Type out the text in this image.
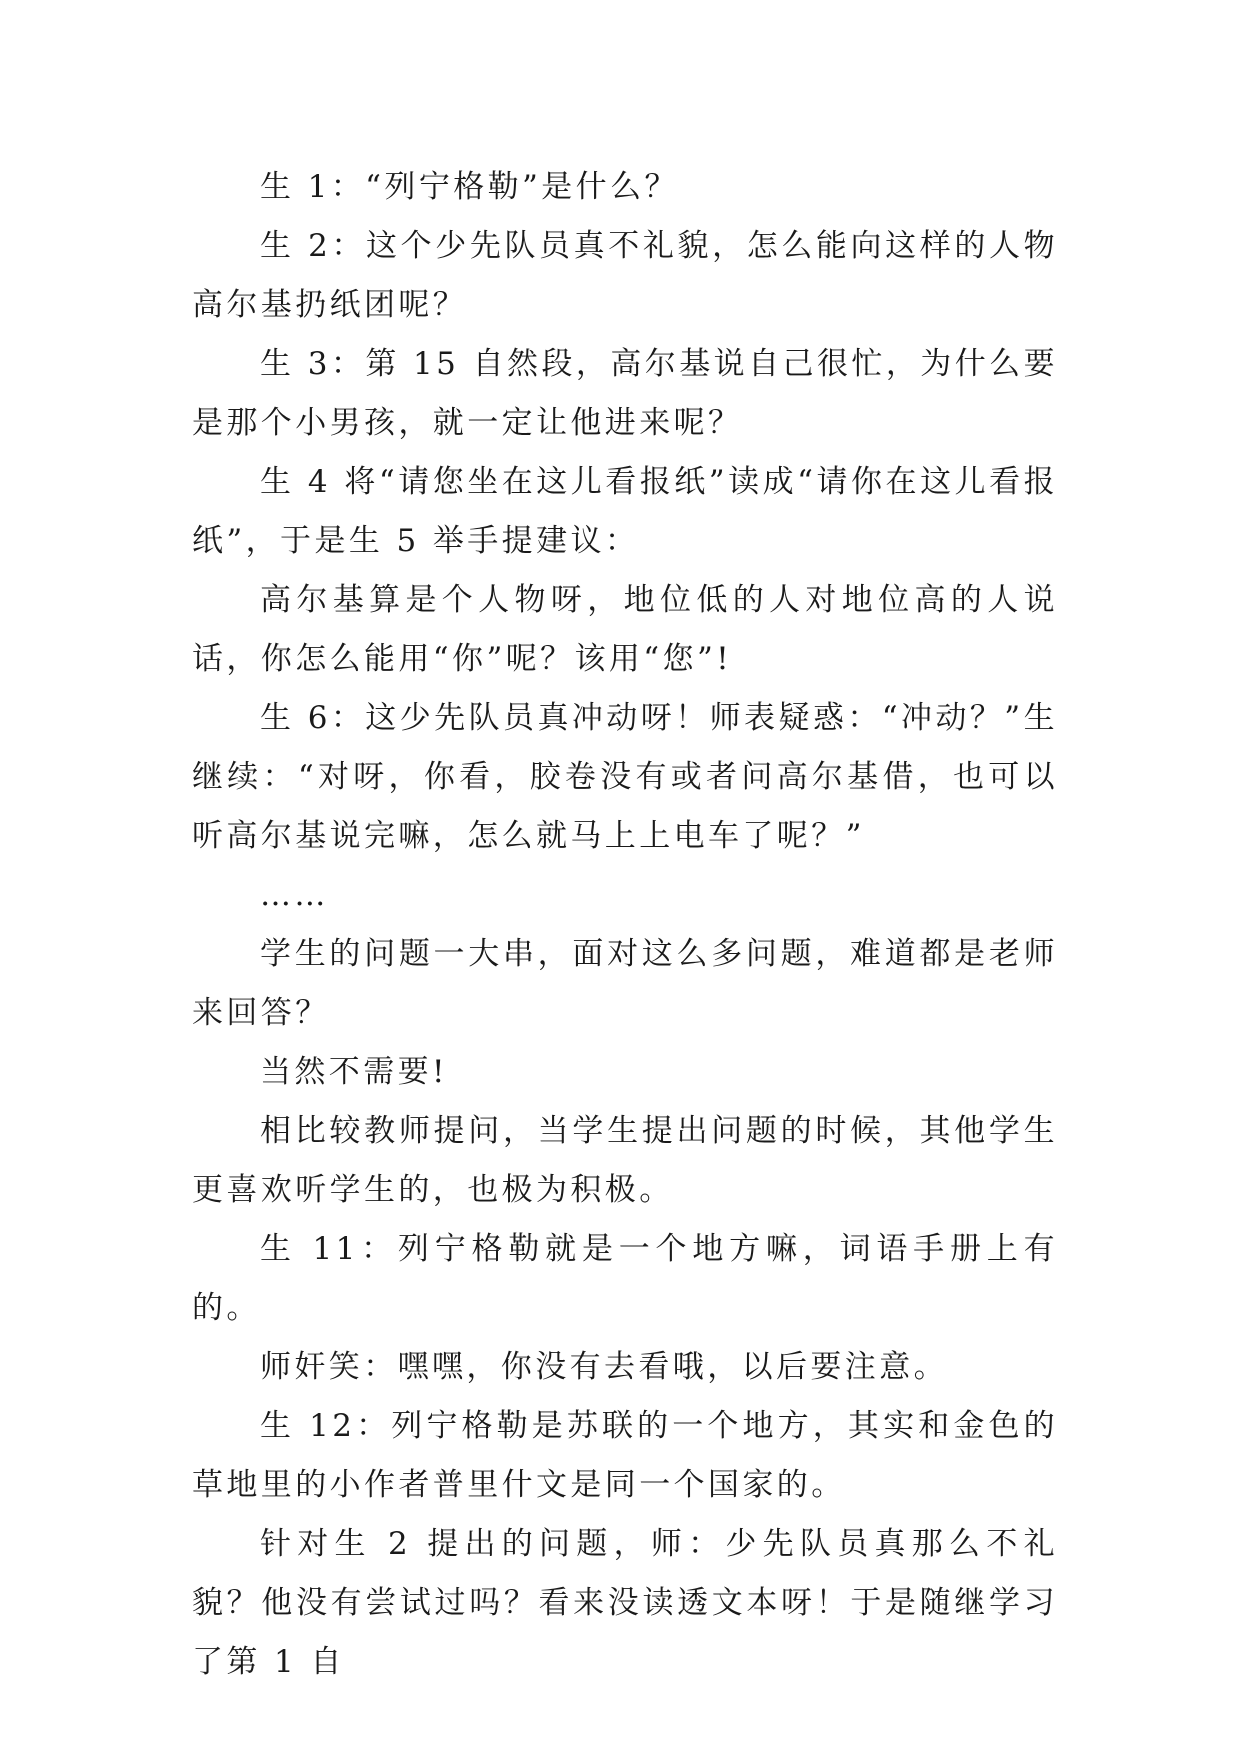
生 1：“列宁格勒”是什么？

生 2：这个少先队员真不礼貌，怎么能向这样的人物高尔基扔纸团呢？

生 3：第 15 自然段，高尔基说自己很忙，为什么要是那个小男孩，就一定让他进来呢？

生 4 将“请您坐在这儿看报纸”读成“请你在这儿看报纸”，于是生 5 举手提建议：

高尔基算是个人物呀，地位低的人对地位高的人说话，你怎么能用“你”呢？该用“您”!

生 6：这少先队员真冲动呀！师表疑惑：“冲动？”生继续：“对呀，你看，胶卷没有或者问高尔基借，也可以听高尔基说完嘛，怎么就马上上电车了呢？”

……

学生的问题一大串，面对这么多问题，难道都是老师来回答？

当然不需要!

相比较教师提问，当学生提出问题的时候，其他学生更喜欢听学生的，也极为积极。

生 11：列宁格勒就是一个地方嘛，词语手册上有的。

师奸笑：嘿嘿，你没有去看哦，以后要注意。

生 12：列宁格勒是苏联的一个地方，其实和金色的草地里的小作者普里什文是同一个国家的。

针对生 2 提出的问题，师：少先队员真那么不礼貌？他没有尝试过吗？看来没读透文本呀！于是随继学习了第 1 自
